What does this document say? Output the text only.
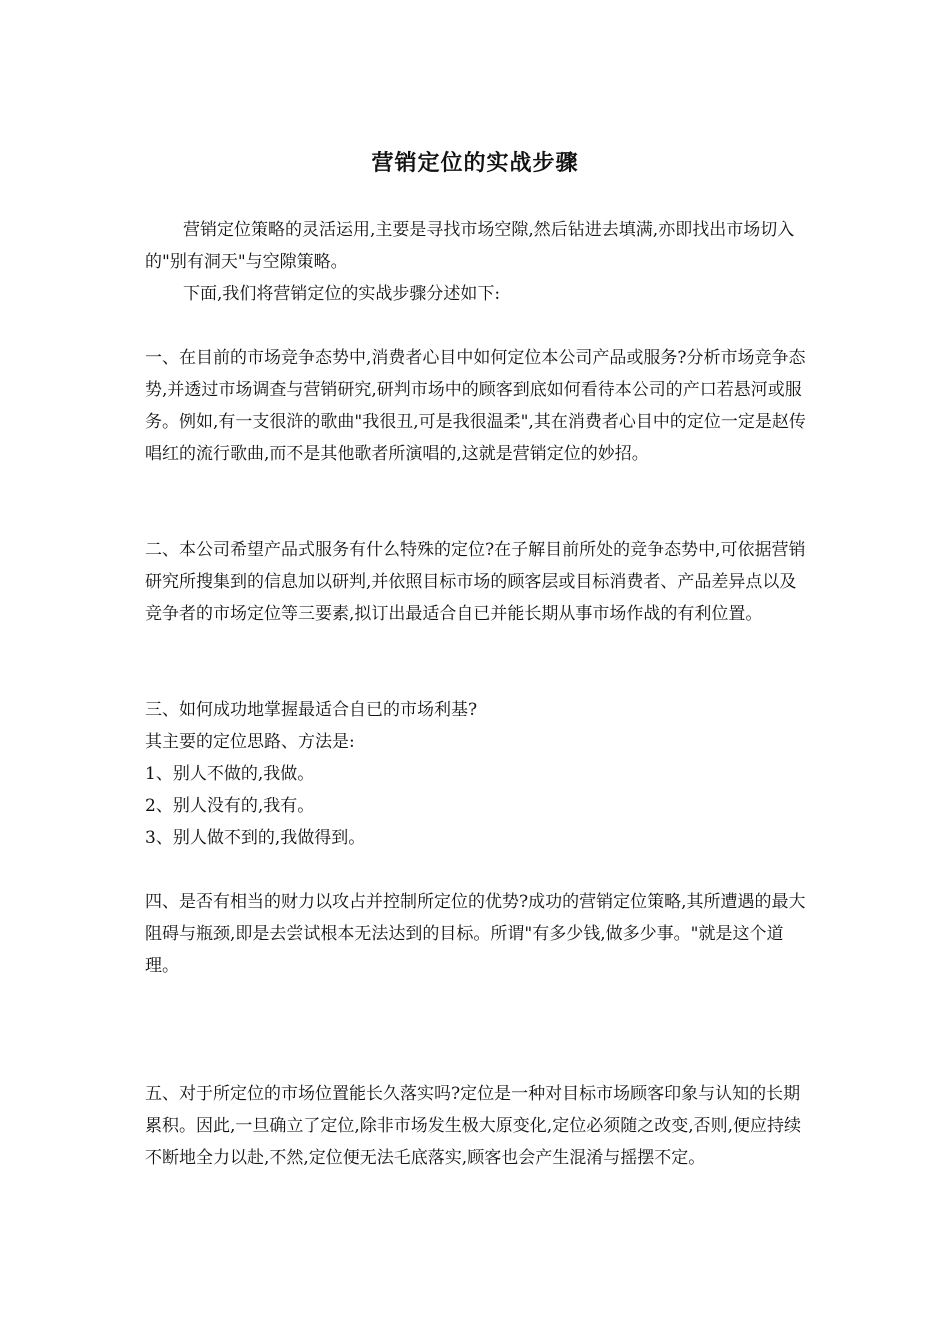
营销定位的实战步骤

营销定位策略的灵活运用,主要是寻找市场空隙,然后钻进去填满,亦即找出市场切入的"别有洞天"与空隙策略。

下面,我们将营销定位的实战步骤分述如下:

一、在目前的市场竞争态势中,消费者心目中如何定位本公司产品或服务?分析市场竞争态势,并透过市场调查与营销研究,研判市场中的顾客到底如何看待本公司的产口若悬河或服务。例如,有一支很浒的歌曲"我很丑,可是我很温柔",其在消费者心目中的定位一定是赵传唱红的流行歌曲,而不是其他歌者所演唱的,这就是营销定位的妙招。

二、本公司希望产品式服务有什么特殊的定位?在子解目前所处的竞争态势中,可依据营销研究所搜集到的信息加以研判,并依照目标市场的顾客层或目标消费者、产品差异点以及竞争者的市场定位等三要素,拟订出最适合自已并能长期从事市场作战的有利位置。

三、如何成功地掌握最适合自已的市场利基?

其主要的定位思路、方法是:

1、别人不做的,我做。

2、别人没有的,我有。

3、别人做不到的,我做得到。

四、是否有相当的财力以攻占并控制所定位的优势?成功的营销定位策略,其所遭遇的最大阻碍与瓶颈,即是去尝试根本无法达到的目标。所谓"有多少钱,做多少事。"就是这个道理。

五、对于所定位的市场位置能长久落实吗?定位是一种对目标市场顾客印象与认知的长期累积。因此,一旦确立了定位,除非市场发生极大原变化,定位必须随之改变,否则,便应持续不断地全力以赴,不然,定位便无法乇底落实,顾客也会产生混淆与摇摆不定。
